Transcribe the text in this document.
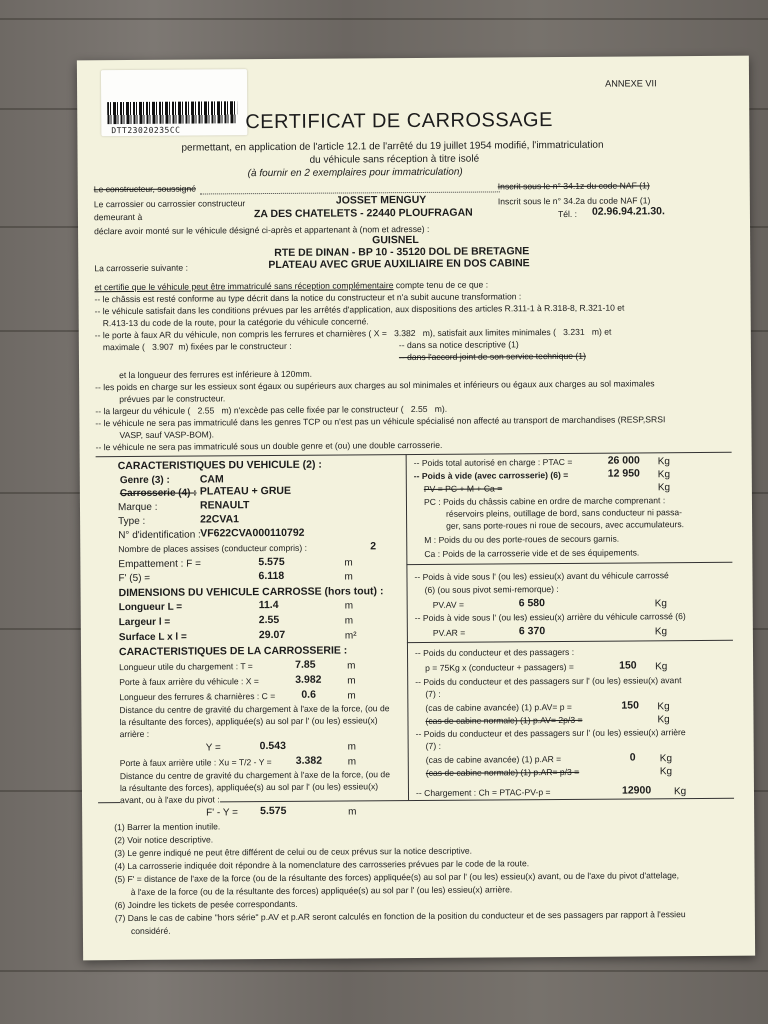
DTT23020235CC
ANNEXE VII
CERTIFICAT DE CARROSSAGE
permettant, en application de l'article 12.1 de l'arrêté du 19 juillet 1954 modifié, l'immatriculation
du véhicule sans réception à titre isolé
(à fournir en 2 exemplaires pour immatriculation)
Le constructeur, soussigné	Inscrit sous le n° 34.1z du code NAF (1)
Le carrossier ou carrossier constructeur	JOSSET MENGUY	Inscrit sous le n° 34.2a du code NAF (1)
demeurant à	ZA DES CHATELETS - 22440 PLOUFRAGAN	Tél. : 02.96.94.21.30.
déclare avoir monté sur le véhicule désigné ci-après et appartenant à (nom et adresse) :
GUISNEL
RTE DE DINAN - BP 10 - 35120 DOL DE BRETAGNE
La carrosserie suivante :	PLATEAU AVEC GRUE AUXILIAIRE EN DOS CABINE
et certifie que le véhicule peut être immatriculé sans réception complémentaire compte tenu de ce que :
-- le châssis est resté conforme au type décrit dans la notice du constructeur et n'a subit aucune transformation :
-- le véhicule satisfait dans les conditions prévues par les arrêtés d'application, aux dispositions des articles R.311-1 à R.318-8, R.321-10 et
R.413-13 du code de la route, pour la catégorie du véhicule concerné.
-- le porte à faux AR du véhicule, non compris les ferrures et charnières ( X = 3.382 m), satisfait aux limites minimales ( 3.231 m) et
maximale ( 3.907 m) fixées par le constructeur :	-- dans sa notice descriptive (1)
-- dans l'accord joint de son service technique (1)
et la longueur des ferrures est inférieure à 120mm.
-- les poids en charge sur les essieux sont égaux ou supérieurs aux charges au sol minimales et inférieurs ou égaux aux charges au sol maximales
prévues par le constructeur.
-- la largeur du véhicule ( 2.55 m) n'excède pas celle fixée par le constructeur ( 2.55 m).
-- le véhicule ne sera pas immatriculé dans les genres TCP ou n'est pas un véhicule spécialisé non affecté au transport de marchandises (RESP,SRSI
VASP, sauf VASP-BOM).
-- le véhicule ne sera pas immatriculé sous un double genre et (ou) une double carrosserie.
CARACTERISTIQUES DU VEHICULE (2) :
Genre (3) :	CAM
Carrosserie (4) : PLATEAU + GRUE
Marque :	RENAULT
Type :	22CVA1
N° d'identification : VF622CVA000110792
Nombre de places assises (conducteur compris) :	2
Empattement : F =	5.575	m
F' (5) =	6.118	m
DIMENSIONS DU VEHICULE CARROSSE (hors tout) :
Longueur L =	11.4	m
Largeur l =	2.55	m
Surface L x l =	29.07	m²
CARACTERISTIQUES DE LA CARROSSERIE :
Longueur utile du chargement : T =	7.85	m
Porte à faux arrière du véhicule : X =	3.982	m
Longueur des ferrures & charnières : C = 0.6	m
Distance du centre de gravité du chargement à l'axe de la force, (ou de
la résultante des forces), appliquée(s) au sol par l' (ou les) essieu(x)
arrière :
Y =	0.543	m
Porte à faux arrière utile : Xu = T/2 - Y = 3.382	m
Distance du centre de gravité du chargement à l'axe de la force, (ou de
la résultante des forces), appliquée(s) au sol par l' (ou les) essieu(x)
avant, ou à l'axe du pivot :
F' - Y = 5.575	m
-- Poids total autorisé en charge : PTAC =	26 000 Kg
-- Poids à vide (avec carrosserie) (6) =	12 950 Kg
PV = PC + M + Ca =	Kg
PC : Poids du châssis cabine en ordre de marche comprenant :
réservoirs pleins, outillage de bord, sans conducteur ni passa-
ger, sans porte-roues ni roue de secours, avec accumulateurs.
M : Poids du ou des porte-roues de secours garnis.
Ca : Poids de la carrosserie vide et de ses équipements.
-- Poids à vide sous l' (ou les) essieu(x) avant du véhicule carrossé
(6) (ou sous pivot semi-remorque) :
PV.AV =	6 580	Kg
-- Poids à vide sous l' (ou les) essieu(x) arrière du véhicule carrossé (6)
PV.AR =	6 370	Kg
-- Poids du conducteur et des passagers :
p = 75Kg x (conducteur + passagers) =	150 Kg
-- Poids du conducteur et des passagers sur l' (ou les) essieu(x) avant
(7) :
(cas de cabine avancée) (1) p.AV= p =	150 Kg
(cas de cabine normale) (1) p.AV= 2p/3 =	Kg
-- Poids du conducteur et des passagers sur l' (ou les) essieu(x) arrière
(7) :
(cas de cabine avancée) (1) p.AR =	0 Kg
(cas de cabine normale) (1) p.AR= p/3 =	Kg
-- Chargement : Ch = PTAC-PV-p =	12900 Kg
(1) Barrer la mention inutile.
(2) Voir notice descriptive.
(3) Le genre indiqué ne peut être différent de celui ou de ceux prévus sur la notice descriptive.
(4) La carrosserie indiquée doit répondre à la nomenclature des carrosseries prévues par le code de la route.
(5) F' = distance de l'axe de la force (ou de la résultante des forces) appliquée(s) au sol par l' (ou les) essieu(x) avant, ou de l'axe du pivot d'attelage,
à l'axe de la force (ou de la résultante des forces) appliquée(s) au sol par l' (ou les) essieu(x) arrière.
(6) Joindre les tickets de pesée correspondants.
(7) Dans le cas de cabine "hors série" p.AV et p.AR seront calculés en fonction de la position du conducteur et de ses passagers par rapport à l'essieu
considéré.
